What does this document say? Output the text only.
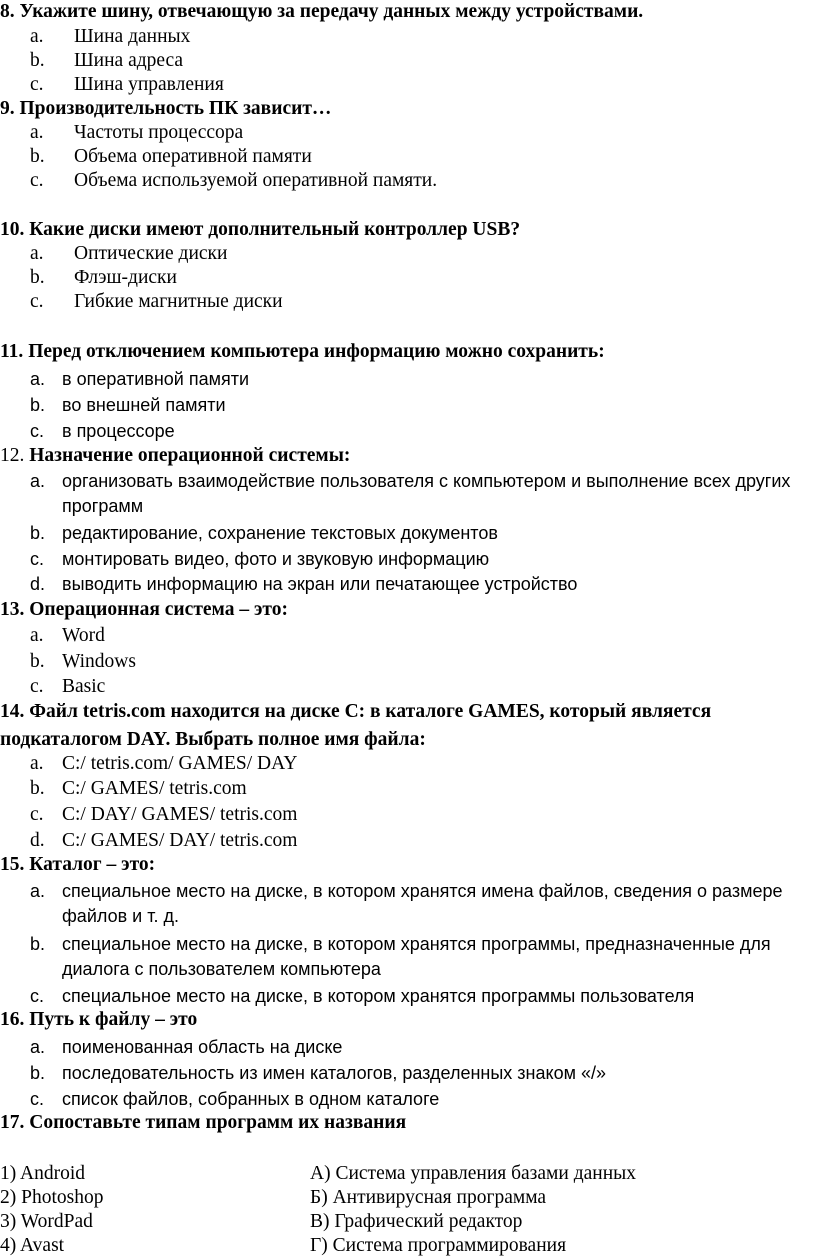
8. Укажите шину, отвечающую за передачу данных между устройствами.
a. Шина данных
b. Шина адреса
c. Шина управления
9. Производительность ПК зависит…
a. Частоты процессора
b. Объема оперативной памяти
c. Объема используемой оперативной памяти.
10. Какие диски имеют дополнительный контроллер USB?
a. Оптические диски
b. Флэш-диски
c. Гибкие магнитные диски
11. Перед отключением компьютера информацию можно сохранить:
a. в оперативной памяти
b. во внешней памяти
c. в процессоре
12. Назначение операционной системы:
a. организовать взаимодействие пользователя с компьютером и выполнение всех других программ
b. редактирование, сохранение текстовых документов
c. монтировать видео, фото и звуковую информацию
d. выводить информацию на экран или печатающее устройство
13. Операционная система – это:
a. Word
b. Windows
c. Basic
14. Файл tetris.com находится на диске C: в каталоге GAMES, который является подкаталогом DAY. Выбрать полное имя файла:
a. C:/ tetris.com/ GAMES/ DAY
b. C:/ GAMES/ tetris.com
c. C:/ DAY/ GAMES/ tetris.com
d. C:/ GAMES/ DAY/ tetris.com
15. Каталог – это:
a. специальное место на диске, в котором хранятся имена файлов, сведения о размере файлов и т. д.
b. специальное место на диске, в котором хранятся программы, предназначенные для диалога с пользователем компьютера
c. специальное место на диске, в котором хранятся программы пользователя
16. Путь к файлу – это
a. поименованная область на диске
b. последовательность из имен каталогов, разделенных знаком «/»
c. список файлов, собранных в одном каталоге
17. Сопоставьте типам программ их названия
1) Android
2) Photoshop
3) WordPad
4) Avast
А) Система управления базами данных
Б) Антивирусная программа
В) Графический редактор
Г) Система программирования
